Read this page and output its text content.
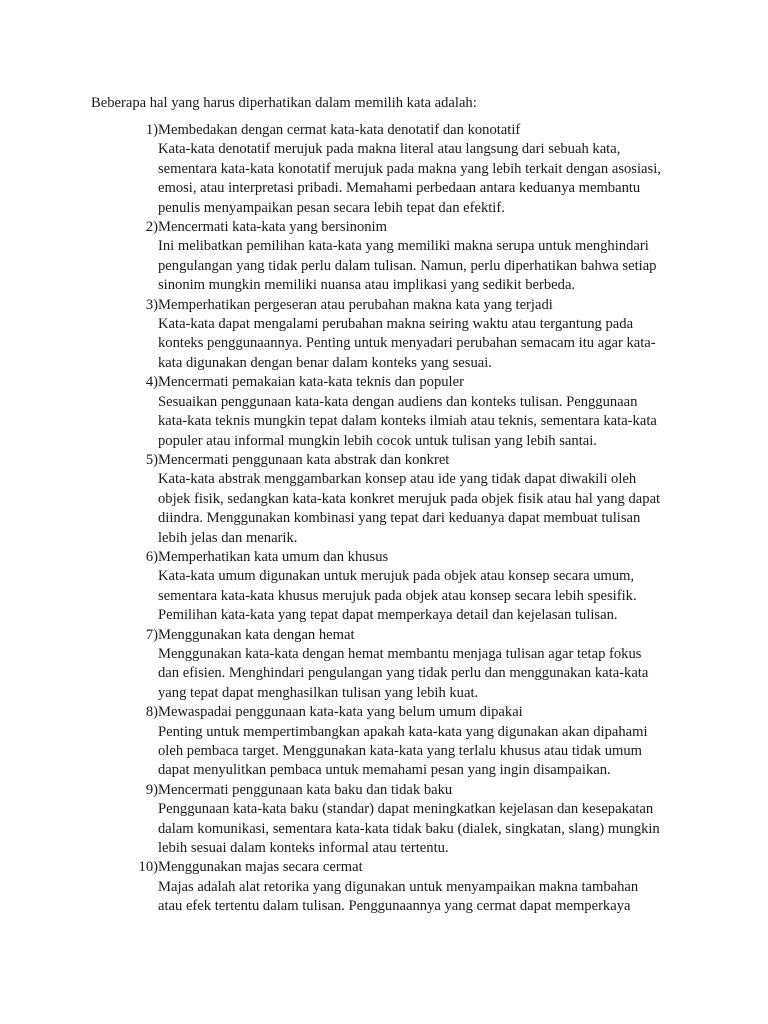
Beberapa hal yang harus diperhatikan dalam memilih kata adalah:
1) Membedakan dengan cermat kata-kata denotatif dan konotatif
Kata-kata denotatif merujuk pada makna literal atau langsung dari sebuah kata,
sementara kata-kata konotatif merujuk pada makna yang lebih terkait dengan asosiasi,
emosi, atau interpretasi pribadi. Memahami perbedaan antara keduanya membantu
penulis menyampaikan pesan secara lebih tepat dan efektif.
2) Mencermati kata-kata yang bersinonim
Ini melibatkan pemilihan kata-kata yang memiliki makna serupa untuk menghindari
pengulangan yang tidak perlu dalam tulisan. Namun, perlu diperhatikan bahwa setiap
sinonim mungkin memiliki nuansa atau implikasi yang sedikit berbeda.
3) Memperhatikan pergeseran atau perubahan makna kata yang terjadi
Kata-kata dapat mengalami perubahan makna seiring waktu atau tergantung pada
konteks penggunaannya. Penting untuk menyadari perubahan semacam itu agar kata-
kata digunakan dengan benar dalam konteks yang sesuai.
4) Mencermati pemakaian kata-kata teknis dan populer
Sesuaikan penggunaan kata-kata dengan audiens dan konteks tulisan. Penggunaan
kata-kata teknis mungkin tepat dalam konteks ilmiah atau teknis, sementara kata-kata
populer atau informal mungkin lebih cocok untuk tulisan yang lebih santai.
5) Mencermati penggunaan kata abstrak dan konkret
Kata-kata abstrak menggambarkan konsep atau ide yang tidak dapat diwakili oleh
objek fisik, sedangkan kata-kata konkret merujuk pada objek fisik atau hal yang dapat
diindra. Menggunakan kombinasi yang tepat dari keduanya dapat membuat tulisan
lebih jelas dan menarik.
6) Memperhatikan kata umum dan khusus
Kata-kata umum digunakan untuk merujuk pada objek atau konsep secara umum,
sementara kata-kata khusus merujuk pada objek atau konsep secara lebih spesifik.
Pemilihan kata-kata yang tepat dapat memperkaya detail dan kejelasan tulisan.
7) Menggunakan kata dengan hemat
Menggunakan kata-kata dengan hemat membantu menjaga tulisan agar tetap fokus
dan efisien. Menghindari pengulangan yang tidak perlu dan menggunakan kata-kata
yang tepat dapat menghasilkan tulisan yang lebih kuat.
8) Mewaspadai penggunaan kata-kata yang belum umum dipakai
Penting untuk mempertimbangkan apakah kata-kata yang digunakan akan dipahami
oleh pembaca target. Menggunakan kata-kata yang terlalu khusus atau tidak umum
dapat menyulitkan pembaca untuk memahami pesan yang ingin disampaikan.
9) Mencermati penggunaan kata baku dan tidak baku
Penggunaan kata-kata baku (standar) dapat meningkatkan kejelasan dan kesepakatan
dalam komunikasi, sementara kata-kata tidak baku (dialek, singkatan, slang) mungkin
lebih sesuai dalam konteks informal atau tertentu.
10) Menggunakan majas secara cermat
Majas adalah alat retorika yang digunakan untuk menyampaikan makna tambahan
atau efek tertentu dalam tulisan. Penggunaannya yang cermat dapat memperkaya
